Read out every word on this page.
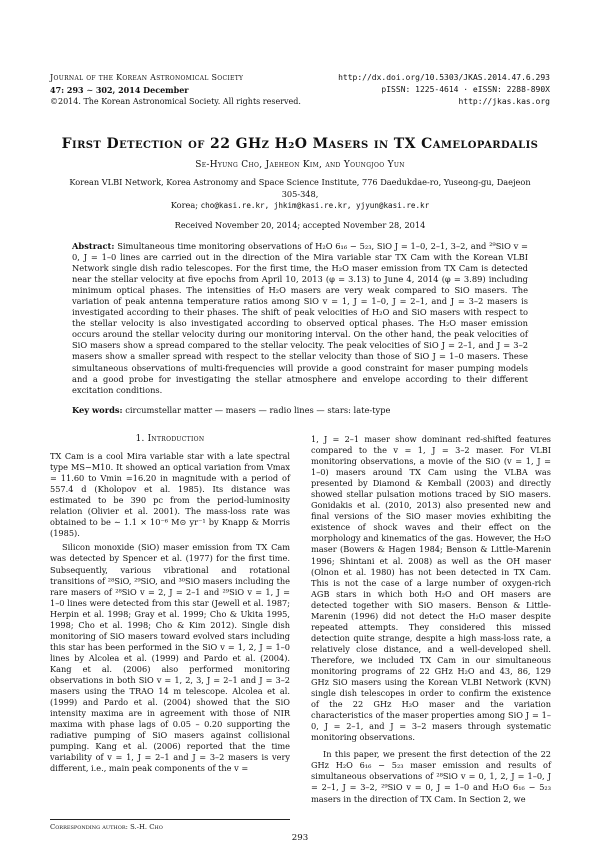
Journal of the Korean Astronomical Society
47: 293 ∼ 302, 2014 December
©2014. The Korean Astronomical Society. All rights reserved.
http://dx.doi.org/10.5303/JKAS.2014.47.6.293
pISSN: 1225-4614 · eISSN: 2288-890X
http://jkas.kas.org
First Detection of 22 GHz H₂O Masers in TX Camelopardalis
Se-Hyung Cho, Jaeheon Kim, and Youngjoo Yun
Korean VLBI Network, Korea Astronomy and Space Science Institute, 776 Daedukdae-ro, Yuseong-gu, Daejeon 305-348,
Korea; cho@kasi.re.kr, jhkim@kasi.re.kr, yjyun@kasi.re.kr
Received November 20, 2014; accepted November 28, 2014
Abstract: Simultaneous time monitoring observations of H₂O 6₁₆ − 5₂₃, SiO J = 1–0, 2–1, 3–2, and ²⁹SiO v = 0, J = 1–0 lines are carried out in the direction of the Mira variable star TX Cam with the Korean VLBI Network single dish radio telescopes. For the first time, the H₂O maser emission from TX Cam is detected near the stellar velocity at five epochs from April 10, 2013 (φ = 3.13) to June 4, 2014 (φ = 3.89) including minimum optical phases. The intensities of H₂O masers are very weak compared to SiO masers. The variation of peak antenna temperature ratios among SiO v = 1, J = 1–0, J = 2–1, and J = 3–2 masers is investigated according to their phases. The shift of peak velocities of H₂O and SiO masers with respect to the stellar velocity is also investigated according to observed optical phases. The H₂O maser emission occurs around the stellar velocity during our monitoring interval. On the other hand, the peak velocities of SiO masers show a spread compared to the stellar velocity. The peak velocities of SiO J = 2–1, and J = 3–2 masers show a smaller spread with respect to the stellar velocity than those of SiO J = 1–0 masers. These simultaneous observations of multi-frequencies will provide a good constraint for maser pumping models and a good probe for investigating the stellar atmosphere and envelope according to their different excitation conditions.
Key words: circumstellar matter — masers — radio lines — stars: late-type
1. Introduction

TX Cam is a cool Mira variable star with a late spectral type MS−M10. It showed an optical variation from Vmax = 11.60 to Vmin =16.20 in magnitude with a period of 557.4 d (Kholopov et al. 1985). Its distance was estimated to be 390 pc from the period-luminosity relation (Olivier et al. 2001). The mass-loss rate was obtained to be ∼ 1.1 × 10⁻⁶ M⊙ yr⁻¹ by Knapp & Morris (1985).

Silicon monoxide (SiO) maser emission from TX Cam was detected by Spencer et al. (1977) for the first time. Subsequently, various vibrational and rotational transitions of ²⁸SiO, ²⁹SiO, and ³⁰SiO masers including the rare masers of ²⁸SiO v = 2, J = 2–1 and ²⁹SiO v = 1, J = 1–0 lines were detected from this star (Jewell et al. 1987; Herpin et al. 1998; Gray et al. 1999; Cho & Ukita 1995, 1998; Cho et al. 1998; Cho & Kim 2012). Single dish monitoring of SiO masers toward evolved stars including this star has been performed in the SiO v = 1, 2, J = 1–0 lines by Alcolea et al. (1999) and Pardo et al. (2004). Kang et al. (2006) also performed monitoring observations in both SiO v = 1, 2, 3, J = 2–1 and J = 3–2 masers using the TRAO 14 m telescope. Alcolea et al. (1999) and Pardo et al. (2004) showed that the SiO intensity maxima are in agreement with those of NIR maxima with phase lags of 0.05 – 0.20 supporting the radiative pumping of SiO masers against collisional pumping. Kang et al. (2006) reported that the time variability of v = 1, J = 2–1 and J = 3–2 masers is very different, i.e., main peak components of the v =

1, J = 2–1 maser show dominant red-shifted features compared to the v = 1, J = 3–2 maser. For VLBI monitoring observations, a movie of the SiO (v = 1, J = 1–0) masers around TX Cam using the VLBA was presented by Diamond & Kemball (2003) and directly showed stellar pulsation motions traced by SiO masers. Gonidakis et al. (2010, 2013) also presented new and final versions of the SiO maser movies exhibiting the existence of shock waves and their effect on the morphology and kinematics of the gas. However, the H₂O maser (Bowers & Hagen 1984; Benson & Little-Marenin 1996; Shintani et al. 2008) as well as the OH maser (Olnon et al. 1980) has not been detected in TX Cam. This is not the case of a large number of oxygen-rich AGB stars in which both H₂O and OH masers are detected together with SiO masers. Benson & Little-Marenin (1996) did not detect the H₂O maser despite repeated attempts. They considered this missed detection quite strange, despite a high mass-loss rate, a relatively close distance, and a well-developed shell. Therefore, we included TX Cam in our simultaneous monitoring programs of 22 GHz H₂O and 43, 86, 129 GHz SiO masers using the Korean VLBI Network (KVN) single dish telescopes in order to confirm the existence of the 22 GHz H₂O maser and the variation characteristics of the maser properties among SiO J = 1–0, J = 2–1, and J = 3–2 masers through systematic monitoring observations.

In this paper, we present the first detection of the 22 GHz H₂O 6₁₆ − 5₂₃ maser emission and results of simultaneous observations of ²⁸SiO v = 0, 1, 2, J = 1–0, J = 2–1, J = 3–2, ²⁹SiO v = 0, J = 1–0 and H₂O 6₁₆ − 5₂₃ masers in the direction of TX Cam. In Section 2, we

Corresponding author: S.-H. Cho
293
